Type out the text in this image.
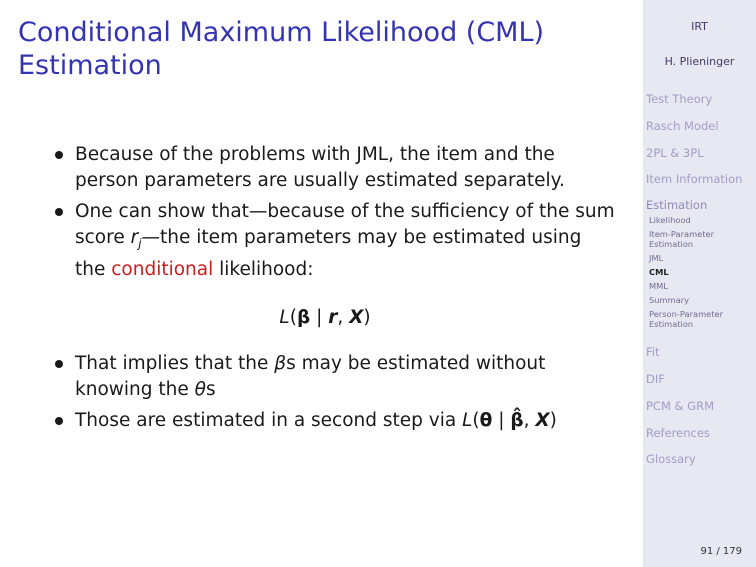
Conditional Maximum Likelihood (CML)
Estimation
Because of the problems with JML, the item and the person parameters are usually estimated separately.
One can show that—because of the sufficiency of the sum score $r_j—the$ item parameters may be estimated using the conditional likelihood:
L(β | r, X)
That implies that the βs may be estimated without knowing the θs
Those are estimated in a second step via L(θ | β̂, X)
IRT
H. Plieninger
Test Theory
Rasch Model
2PL & 3PL
Item Information
Estimation
Likelihood
Item-Parameter Estimation
JML
CML
MML
Summary
Person-Parameter Estimation
Fit
DIF
PCM & GRM
References
Glossary
91 / 179
